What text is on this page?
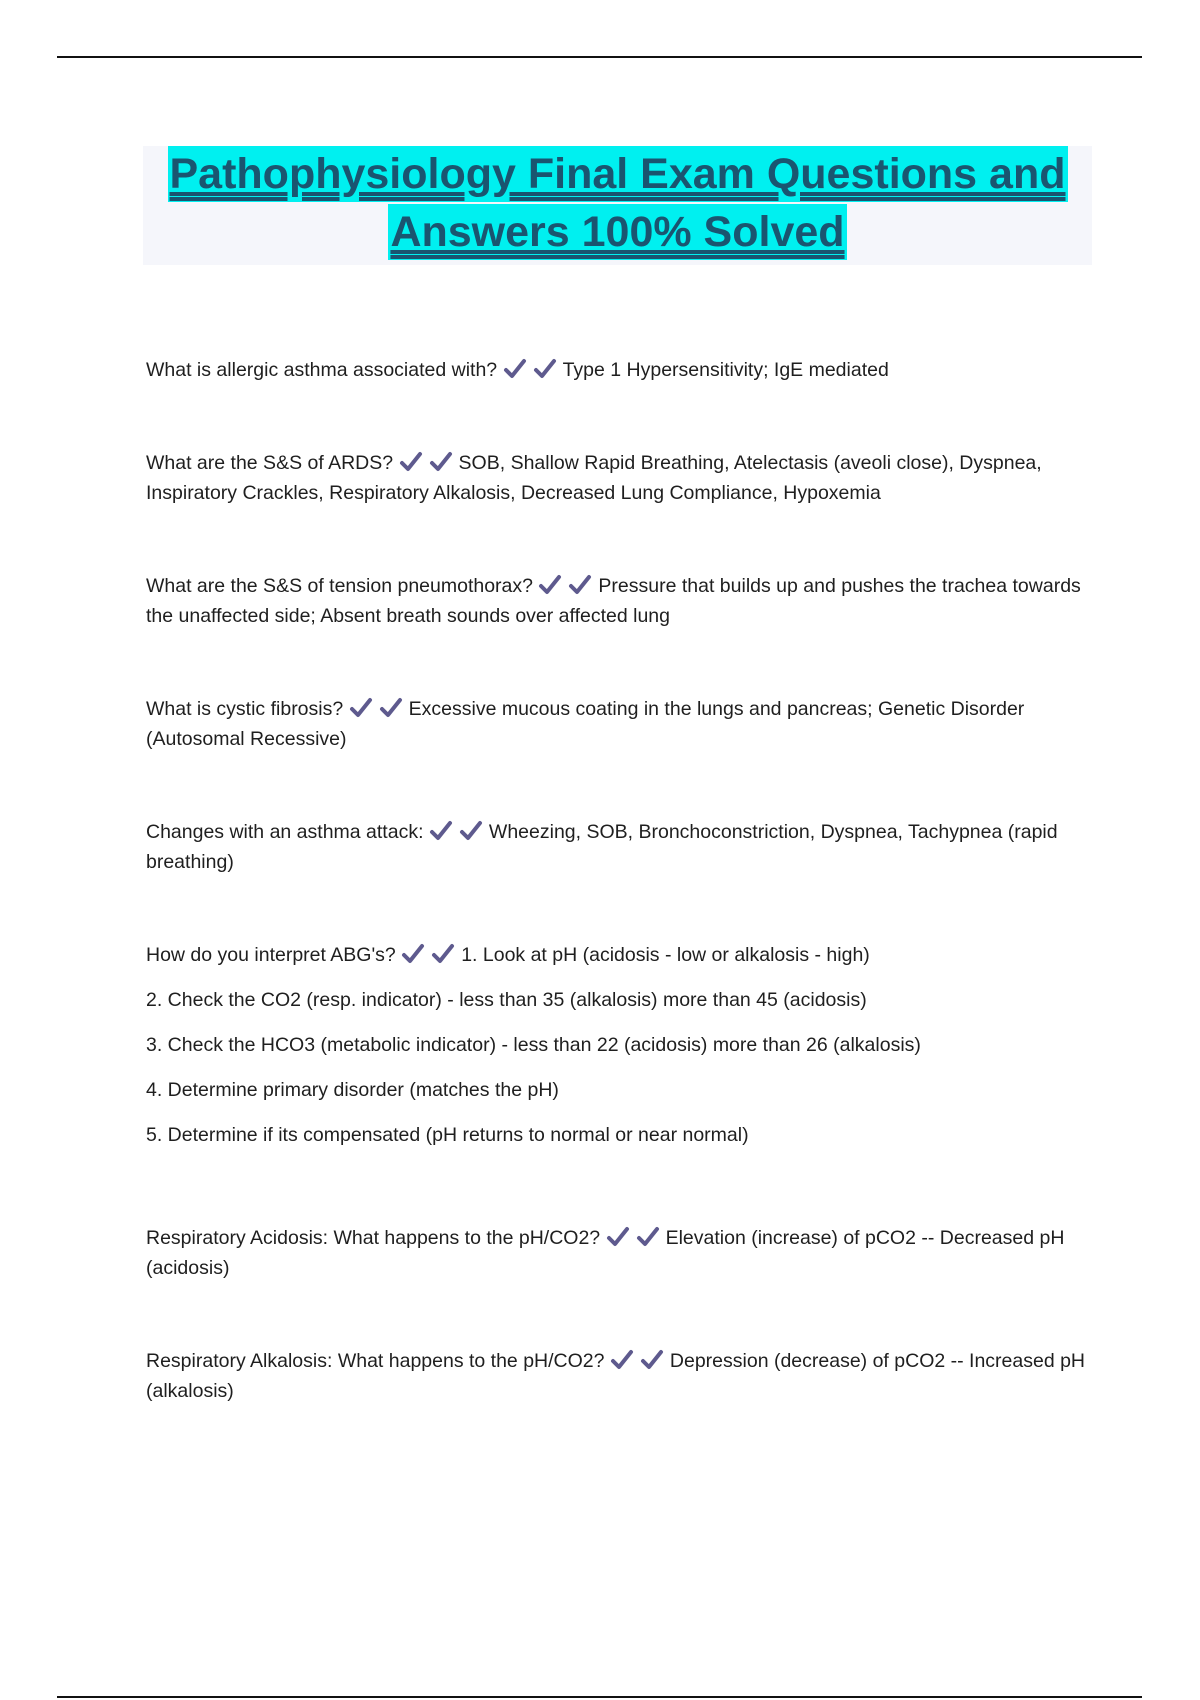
Pathophysiology Final Exam Questions and
Answers 100% Solved

What is allergic asthma associated with?	Type 1 Hypersensitivity; IgE mediated

What are the S&S of ARDS?	SOB, Shallow Rapid Breathing, Atelectasis (aveoli close), Dyspnea, Inspiratory Crackles, Respiratory Alkalosis, Decreased Lung Compliance, Hypoxemia

What are the S&S of tension pneumothorax?	Pressure that builds up and pushes the trachea towards the unaffected side; Absent breath sounds over affected lung

What is cystic fibrosis?	Excessive mucous coating in the lungs and pancreas; Genetic Disorder (Autosomal Recessive)

Changes with an asthma attack:	Wheezing, SOB, Bronchoconstriction, Dyspnea, Tachypnea (rapid breathing)

How do you interpret ABG's?	1. Look at pH (acidosis - low or alkalosis - high)

2. Check the CO2 (resp. indicator) - less than 35 (alkalosis) more than 45 (acidosis)

3. Check the HCO3 (metabolic indicator) - less than 22 (acidosis) more than 26 (alkalosis)

4. Determine primary disorder (matches the pH)

5. Determine if its compensated (pH returns to normal or near normal)

Respiratory Acidosis: What happens to the pH/CO2?	Elevation (increase) of pCO2 -- Decreased pH (acidosis)

Respiratory Alkalosis: What happens to the pH/CO2?	Depression (decrease) of pCO2 -- Increased pH (alkalosis)
